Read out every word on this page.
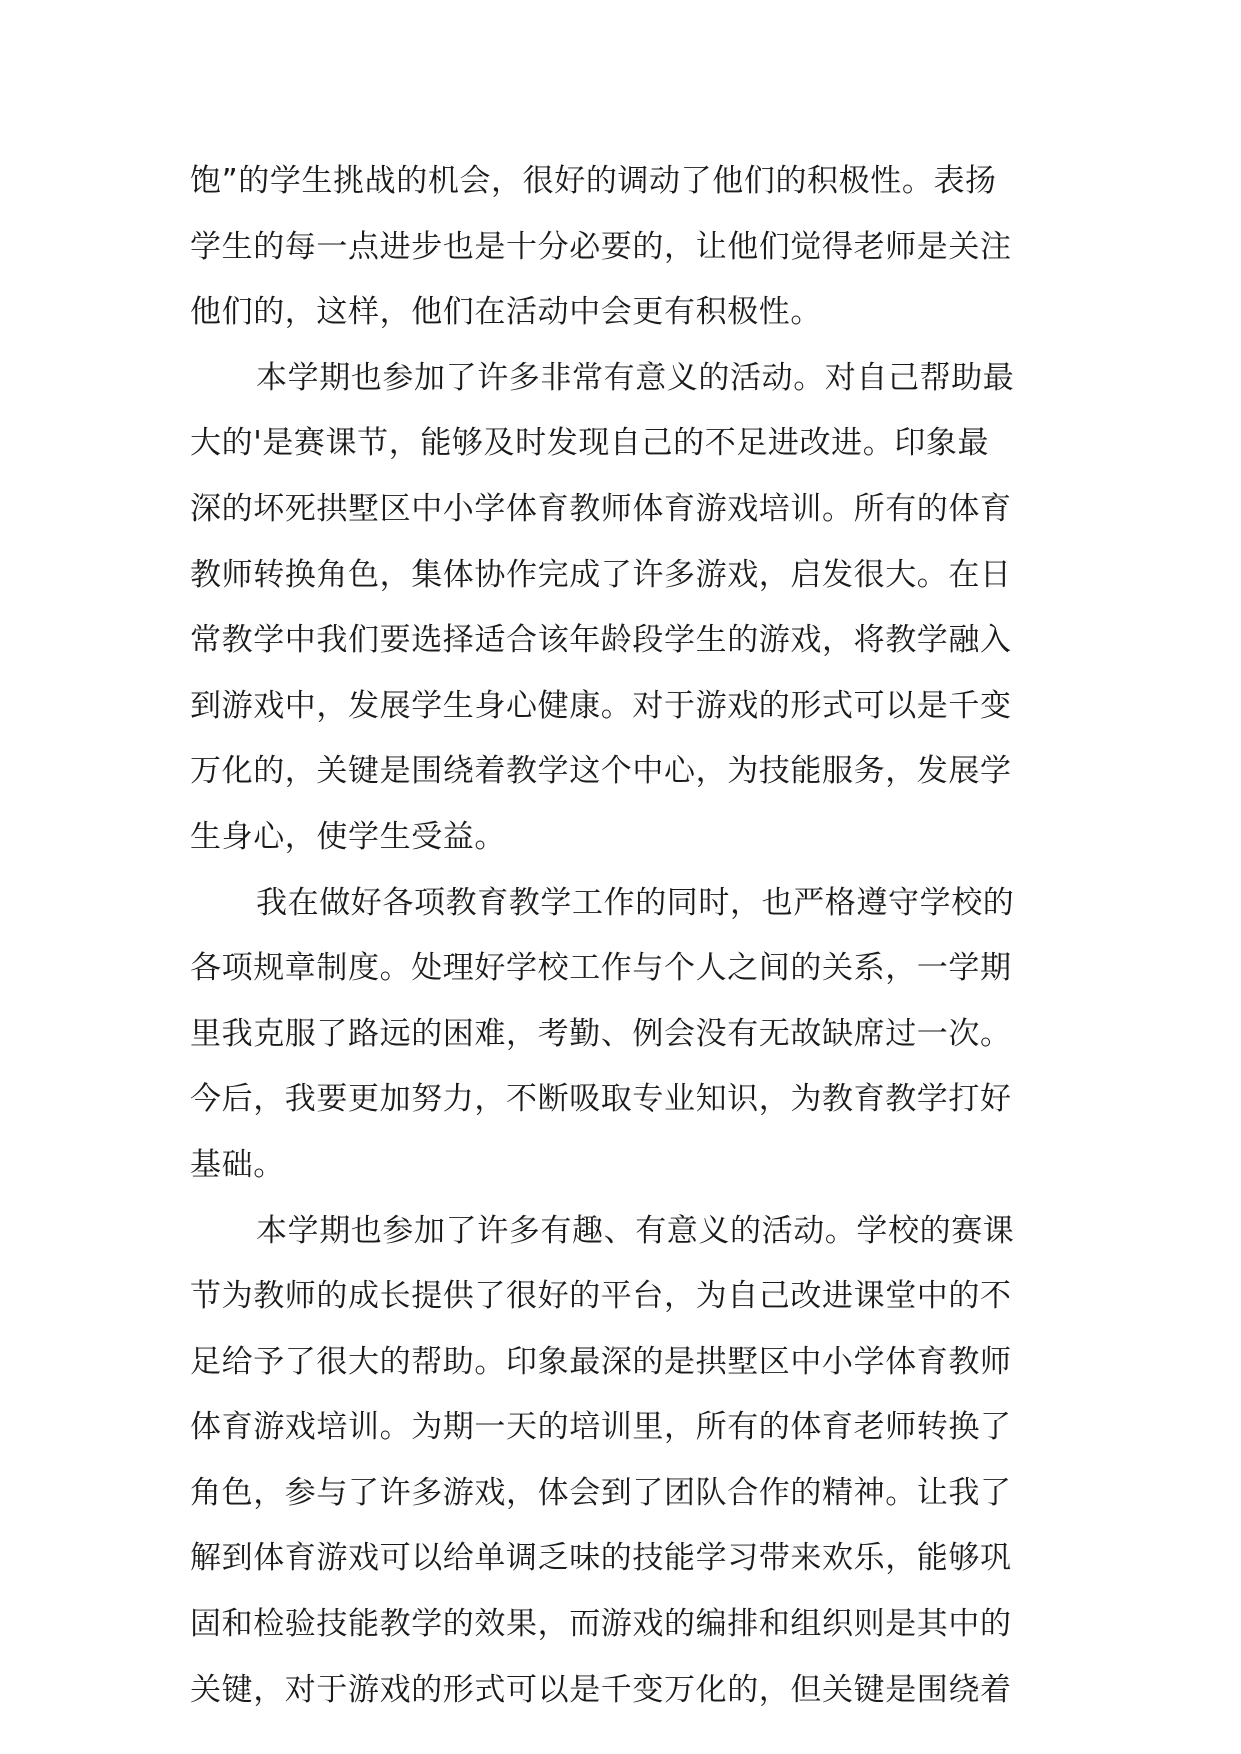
饱”的学生挑战的机会，很好的调动了他们的积极性。表扬
学生的每一点进步也是十分必要的，让他们觉得老师是关注
他们的，这样，他们在活动中会更有积极性。

本学期也参加了许多非常有意义的活动。对自己帮助最
大的'是赛课节，能够及时发现自己的不足进改进。印象最
深的坏死拱墅区中小学体育教师体育游戏培训。所有的体育
教师转换角色，集体协作完成了许多游戏，启发很大。在日
常教学中我们要选择适合该年龄段学生的游戏，将教学融入
到游戏中，发展学生身心健康。对于游戏的形式可以是千变
万化的，关键是围绕着教学这个中心，为技能服务，发展学
生身心，使学生受益。

我在做好各项教育教学工作的同时，也严格遵守学校的
各项规章制度。处理好学校工作与个人之间的关系，一学期
里我克服了路远的困难，考勤、例会没有无故缺席过一次。
今后，我要更加努力，不断吸取专业知识，为教育教学打好
基础。

本学期也参加了许多有趣、有意义的活动。学校的赛课
节为教师的成长提供了很好的平台，为自己改进课堂中的不
足给予了很大的帮助。印象最深的是拱墅区中小学体育教师
体育游戏培训。为期一天的培训里，所有的体育老师转换了
角色，参与了许多游戏，体会到了团队合作的精神。让我了
解到体育游戏可以给单调乏味的技能学习带来欢乐，能够巩
固和检验技能教学的效果，而游戏的编排和组织则是其中的
关键，对于游戏的形式可以是千变万化的，但关键是围绕着
